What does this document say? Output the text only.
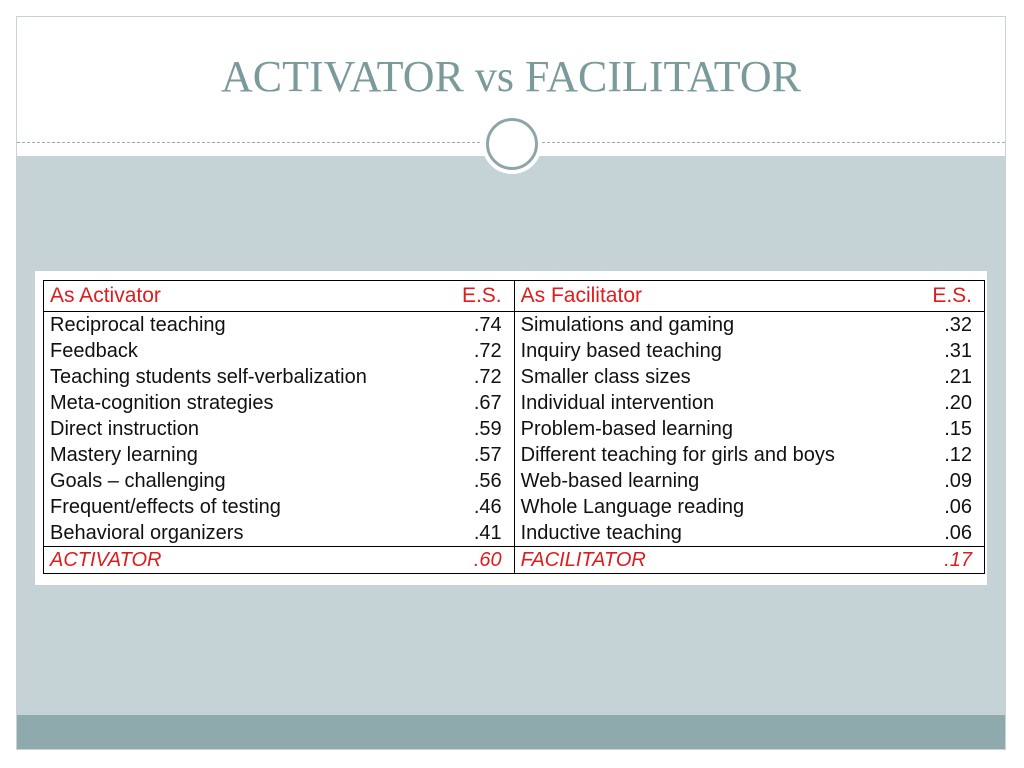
ACTIVATOR vs FACILITATOR
As Activator	E.S.	As Facilitator	E.S.
Reciprocal teaching	.74	Simulations and gaming	.32
Feedback	.72	Inquiry based teaching	.31
Teaching students self-verbalization	.72	Smaller class sizes	.21
Meta-cognition strategies	.67	Individual intervention	.20
Direct instruction	.59	Problem-based learning	.15
Mastery learning	.57	Different teaching for girls and boys	.12
Goals – challenging	.56	Web-based learning	.09
Frequent/effects of testing	.46	Whole Language reading	.06
Behavioral organizers	.41	Inductive teaching	.06
ACTIVATOR	.60	FACILITATOR	.17
